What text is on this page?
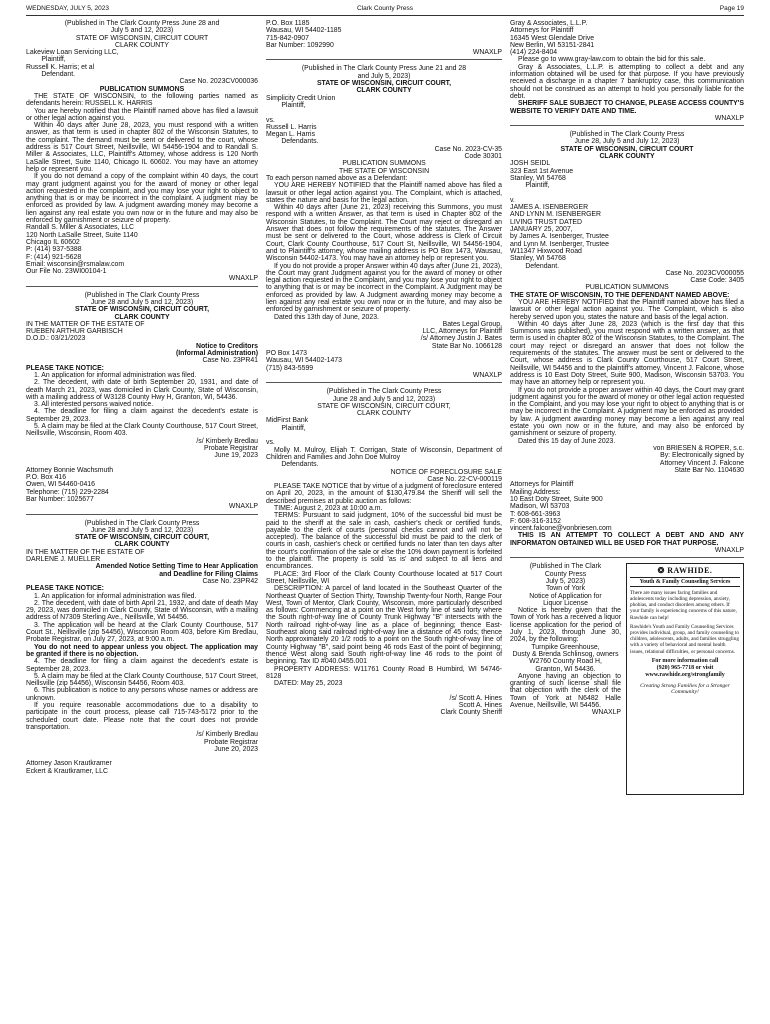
WEDNESDAY, JULY 5, 2023	Clark County Press	Page 19
(Published in The Clark County Press June 28 and
July 5 and 12, 2023)
STATE OF WISCONSIN, CIRCUIT COURT
CLARK COUNTY
Lakeview Loan Servicing LLC,
Plaintiff,
Russell K. Harris; et al
Defendant.
Case No. 2023CV000036
PUBLICATION SUMMONS
THE STATE OF WISCONSIN, to the following parties named as defendants herein: RUSSELL K. HARRIS
You are hereby notified that the Plaintiff named above has filed a lawsuit or other legal action against you.
Within 40 days after June 28, 2023, you must respond with a written answer, as that term is used in chapter 802 of the Wisconsin Statutes, to the complaint. The demand must be sent or delivered to the court, whose address is 517 Court Street, Neillsville, WI 54456-1904 and to Randall S. Miller & Associates, LLC, Plaintiff's Attorney, whose address is 120 North LaSalle Street, Suite 1140, Chicago IL 60602. You may have an attorney help or represent you.
If you do not demand a copy of the complaint within 40 days, the court may grant judgment against you for the award of money or other legal action requested in the complaint, and you may lose your right to object to anything that is or may be incorrect in the complaint. A judgment may be enforced as provided by law. A judgment awarding money may become a lien against any real estate you own now or in the future and may also be enforced by garnishment or seizure of property.
Randall S. Miller & Associates, LLC
120 North LaSalle Street, Suite 1140
Chicago IL 60602
P: (414) 937-5388
F: (414) 921-5628
Email: wisconsin@rsmalaw.com
Our File No. 23WI00104-1
WNAXLP
(Published in The Clark County Press
June 28 and July 5 and 12, 2023)
STATE OF WISCONSIN, CIRCUIT COURT,
CLARK COUNTY
IN THE MATTER OF THE ESTATE OF
RUEBEN ARTHUR GARBISCH
D.O.D.: 03/21/2023
Notice to Creditors
(Informal Administration)
Case No. 23PR41
PLEASE TAKE NOTICE:
1. An application for informal administration was filed.
2. The decedent, with date of birth September 20, 1931, and date of death March 21, 2023, was domiciled in Clark County, State of Wisconsin, with a mailing address of W3128 County Hwy H, Granton, WI, 54436.
3. All interested persons waived notice.
4. The deadline for filing a claim against the decedent's estate is September 29, 2023.
5. A claim may be filed at the Clark County Courthouse, 517 Court Street, Neillsville, Wisconsin, Room 403.
/s/ Kimberly Bredlau
Probate Registrar
June 19, 2023

Attorney Bonnie Wachsmuth
P.O. Box 416
Owen, WI 54460-0416
Telephone: (715) 229-2284
Bar Number: 1025677
WNAXLP
(Published in The Clark County Press
June 28 and July 5 and 12, 2023)
STATE OF WISCONSIN, CIRCUIT COURT,
CLARK COUNTY
IN THE MATTER OF THE ESTATE OF
DARLENE J. MUELLER
Amended Notice Setting Time to Hear Application
and Deadline for Filing Claims
Case No. 23PR42
PLEASE TAKE NOTICE:
1. An application for informal administration was filed.
2. The decedent, with date of birth April 21, 1932, and date of death May 29, 2023, was domiciled in Clark County, State of Wisconsin, with a mailing address of N7309 Sterling Ave., Neillsville, WI 54456.
3. The application will be heard at the Clark County Courthouse, 517 Court St., Neillsville (zip 54456), Wisconsin Room 403, before Kim Bredlau, Probate Registrar, on July 27, 2023, at 9:00 a.m.
You do not need to appear unless you object. The application may be granted if there is no objection.
4. The deadline for filing a claim against the decedent's estate is September 28, 2023.
5. A claim may be filed at the Clark County Courthouse, 517 Court Street, Neillsville (zip 54456), Wisconsin 54456, Room 403.
6. This publication is notice to any persons whose names or address are unknown.
If you require reasonable accommodations due to a disability to participate in the court process, please call 715-743-5172 prior to the scheduled court date. Please note that the court does not provide transportation.
/s/ Kimberly Bredlau
Probate Registrar
June 20, 2023

Attorney Jason Krautkramer
Eckert & Krautkramer, LLC
P.O. Box 1185
Wausau, WI 54402-1185
715-842-0907
Bar Number: 1092990
WNAXLP
(Published in The Clark County Press June 21 and 28
and July 5, 2023)
STATE OF WISCONSIN, CIRCUIT COURT,
CLARK COUNTY
Simplicity Credit Union
Plaintiff,

vs.
Russell L. Harris
Megan L. Harris
Defendants.
Case No. 2023-CV-35
Code 30301
PUBLICATION SUMMONS
THE STATE OF WISCONSIN
To each person named above as a Defendant:
YOU ARE HEREBY NOTIFIED that the Plaintiff named above has filed a lawsuit or other legal action against you. The Complaint, which is attached, states the nature and basis for the legal action.
Within 40 days after (June 21, 2023) receiving this Summons, you must respond with a written Answer, as that term is used in Chapter 802 of the Wisconsin Statutes, to the Complaint. The Court may reject or disregard an Answer that does not follow the requirements of the statutes. The Answer must be sent or delivered to the Court, whose address is Clerk of Circuit Court, Clark County Courthouse, 517 Court St, Neillsville, WI 54456-1904, and to Plaintiff's attorney, whose mailing address is PO Box 1473, Wausau, Wisconsin 54402-1473. You may have an attorney help or represent you.
If you do not provide a proper Answer within 40 days after (June 21, 2023), the Court may grant Judgment against you for the award of money or other legal action requested in the Complaint, and you may lose your right to object to anything that is or may be incorrect in the Complaint. A Judgment may be enforced as provided by law. A Judgment awarding money may become a lien against any real estate you own now or in the future, and may also be enforced by garnishment or seizure of property.
Dated this 13th day of June, 2023.
Bates Legal Group,
LLC, Attorneys for Plaintiff
/s/ Attorney Justin J. Bates
State Bar No. 1066128
PO Box 1473
Wausau, WI 54402-1473
(715) 843-5599
WNAXLP
(Published in The Clark County Press
June 28 and July 5 and 12, 2023)
STATE OF WISCONSIN, CIRCUIT COURT,
CLARK COUNTY
MidFirst Bank
Plaintiff,

vs.
Molly M. Mulroy, Elijah T. Corrigan, State of Wisconsin, Department of Children and Families and John Doe Mulroy
Defendants.
NOTICE OF FORECLOSURE SALE
Case No. 22-CV-000119
PLEASE TAKE NOTICE that by virtue of a judgment of foreclosure entered on April 20, 2023, in the amount of $130,479.84 the Sheriff will sell the described premises at public auction as follows:
TIME: August 2, 2023 at 10:00 a.m.
TERMS: Pursuant to said judgment, 10% of the successful bid must be paid to the sheriff at the sale in cash, cashier's check or certified funds, payable to the clerk of courts (personal checks cannot and will not be accepted). The balance of the successful bid must be paid to the clerk of courts in cash, cashier's check or certified funds no later than ten days after the court's confirmation of the sale or else the 10% down payment is forfeited to the plaintiff. The property is sold 'as is' and subject to all liens and encumbrances.
PLACE: 3rd Floor of the Clark County Courthouse located at 517 Court Street, Neillsville, WI
DESCRIPTION: A parcel of land located in the Southeast Quarter of the Northeast Quarter of Section Thirty, Township Twenty-four North, Range Four West, Town of Mentor, Clark County, Wisconsin, more particularly described as follows: Commencing at a point on the West forty line of said forty where the South right-of-way line of County Trunk Highway "B" intersects with the North railroad right-of-way line as a place of beginning; thence East-Southeast along said railroad right-of-way line a distance of 45 rods; thence North approximately 20 1/2 rods to a point on the South right-of-way line of County Highway "B", said point being 46 rods East of the point of beginning; thence West along said South right-of-way line 46 rods to the point of beginning. Tax ID #040.0455.001
PROPERTY ADDRESS: W11761 County Road B Humbird, WI 54746-8128
DATED: May 25, 2023

/s/ Scott A. Hines
Scott A. Hines
Clark County Sheriff
Gray & Associates, L.L.P.
Attorneys for Plaintiff
16345 West Glendale Drive
New Berlin, WI 53151-2841
(414) 224-8404
Please go to www.gray-law.com to obtain the bid for this sale.
Gray & Associates, L.L.P. is attempting to collect a debt and any information obtained will be used for that purpose. If you have previously received a discharge in a chapter 7 bankruptcy case, this communication should not be construed as an attempt to hold you personally liable for the debt.
SHERIFF SALE SUBJECT TO CHANGE, PLEASE ACCESS COUNTY'S WEBSITE TO VERIFY DATE AND TIME.
WNAXLP
(Published in The Clark County Press
June 28, July 5 and July 12, 2023)
STATE OF WISCONSIN, CIRCUIT COURT
CLARK COUNTY
JOSH SEIDL
323 East 1st Avenue
Stanley, WI 54768
Plaintiff,

v.
JAMES A. ISENBERGER
AND LYNN M. ISENBERGER
LIVING TRUST DATED
JANUARY 25, 2007,
by James A. Isenberger, Trustee
and Lynn M. Isenberger, Trustee
W11347 Hixwood Road
Stanley, WI 54768
Defendant.
Case No. 2023CV000055
Case Code: 3405
PUBLICATION SUMMONS
THE STATE OF WISCONSIN, TO THE DEFENDANT NAMED ABOVE:
YOU ARE HEREBY NOTIFIED that the Plaintiff named above has filed a lawsuit or other legal action against you. The Complaint, which is also hereby served upon you, states the nature and basis of the legal action.
Within 40 days after June 28, 2023 (which is the first day that this Summons was published), you must respond with a written answer, as that term is used in chapter 802 of the Wisconsin Statutes, to the Complaint. The court may reject or disregard an answer that does not follow the requirements of the statutes. The answer must be sent or delivered to the Court, whose address is Clark County Courthouse, 517 Court Street, Neillsville, WI 54456 and to the plaintiff's attorney, Vincent J. Falcone, whose address is 10 East Doty Street, Suite 900, Madison, Wisconsin 53703. You may have an attorney help or represent you.
If you do not provide a proper answer within 40 days, the Court may grant judgment against you for the award of money or other legal action requested in the Complaint, and you may lose your right to object to anything that is or may be incorrect in the Complaint. A judgment may be enforced as provided by law. A judgment awarding money may become a lien against any real estate you own now or in the future, and may also be enforced by garnishment or seizure of property.
Dated this 15 day of June 2023.
von BRIESEN & ROPER, s.c.
By: Electronically signed by
Attorney Vincent J. Falcone
State Bar No. 1104630

Attorneys for Plaintiff
Mailing Address:
10 East Doty Street, Suite 900
Madison, WI 53703
T: 608-661-3963
F: 608-316-3152
vincent.falcone@vonbriesen.com
THIS IS AN ATTEMPT TO COLLECT A DEBT AND AND ANY INFORMATON OBTAINED WILL BE USED FOR THAT PURPOSE.
WNAXLP
(Published in The Clark
County Press
July 5, 2023)
Town of York
Notice of Application for
Liquor License
Notice is hereby given that the Town of York has a received a liquor license application for the period of July 1, 2023, through June 30, 2024, by the following:
Turnpike Greenhouse,
Dusty & Brenda Schlinsog, owners
W2760 County Road H,
Granton, WI 54436.
Anyone having an objection to granting of such license shall file that objection with the clerk of the Town of York at N6482 Halle Avenue, Neillsville, WI 54456.
WNAXLP
❂ RAWHIDE.
Youth & Family Counseling Services
There are many issues facing families and adolescents today including depression, anxiety, phobias, and conduct disorders among others. If your family is experiencing concerns of this nature, Rawhide can help!
Rawhide's Youth and Family Counseling Services provides individual, group, and family counseling to children, adolescents, adults, and families struggling with a variety of behavioral and mental health issues, relational difficulties, or personal concerns.
For more information call
(920) 965-7718 or visit
www.rawhide.org/strongfamily
Creating Strong Families for a Stronger Community!
